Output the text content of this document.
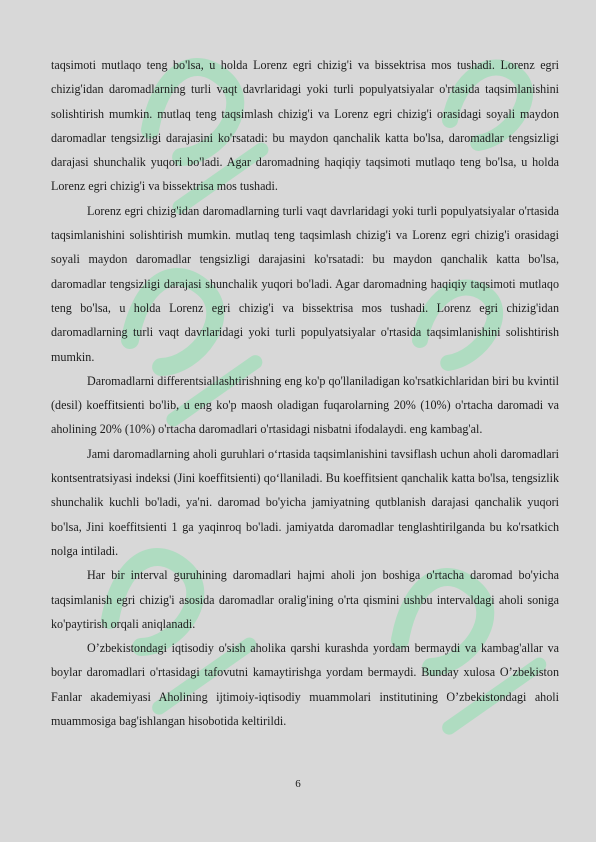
taqsimoti mutlaqo teng bo'lsa, u holda Lorenz egri chizig'i va bissektrisa mos tushadi. Lorenz egri chizig'idan daromadlarning turli vaqt davrlaridagi yoki turli populyatsiyalar o'rtasida taqsimlanishini solishtirish mumkin. mutlaq teng taqsimlash chizig'i va Lorenz egri chizig'i orasidagi soyali maydon daromadlar tengsizligi darajasini ko'rsatadi: bu maydon qanchalik katta bo'lsa, daromadlar tengsizligi darajasi shunchalik yuqori bo'ladi. Agar daromadning haqiqiy taqsimoti mutlaqo teng bo'lsa, u holda Lorenz egri chizig'i va bissektrisa mos tushadi.

Lorenz egri chizig'idan daromadlarning turli vaqt davrlaridagi yoki turli populyatsiyalar o'rtasida taqsimlanishini solishtirish mumkin. mutlaq teng taqsimlash chizig'i va Lorenz egri chizig'i orasidagi soyali maydon daromadlar tengsizligi darajasini ko'rsatadi: bu maydon qanchalik katta bo'lsa, daromadlar tengsizligi darajasi shunchalik yuqori bo'ladi. Agar daromadning haqiqiy taqsimoti mutlaqo teng bo'lsa, u holda Lorenz egri chizig'i va bissektrisa mos tushadi. Lorenz egri chizig'idan daromadlarning turli vaqt davrlaridagi yoki turli populyatsiyalar o'rtasida taqsimlanishini solishtirish mumkin.

Daromadlarni differentsiallashtirishning eng ko'p qo'llaniladigan ko'rsatkichlaridan biri bu kvintil (desil) koeffitsienti bo'lib, u eng ko'p maosh oladigan fuqarolarning 20% (10%) o'rtacha daromadi va aholining 20% (10%) o'rtacha daromadlari o'rtasidagi nisbatni ifodalaydi. eng kambag'al.

Jami daromadlarning aholi guruhlari o‘rtasida taqsimlanishini tavsiflash uchun aholi daromadlari kontsentratsiyasi indeksi (Jini koeffitsienti) qo‘llaniladi. Bu koeffitsient qanchalik katta bo'lsa, tengsizlik shunchalik kuchli bo'ladi, ya'ni. daromad bo'yicha jamiyatning qutblanish darajasi qanchalik yuqori bo'lsa, Jini koeffitsienti 1 ga yaqinroq bo'ladi. jamiyatda daromadlar tenglashtirilganda bu ko'rsatkich nolga intiladi.

Har bir interval guruhining daromadlari hajmi aholi jon boshiga o'rtacha daromad bo'yicha taqsimlanish egri chizig'i asosida daromadlar oralig'ining o'rta qismini ushbu intervaldagi aholi soniga ko'paytirish orqali aniqlanadi.

O’zbekistondagi iqtisodiy o'sish aholika qarshi kurashda yordam bermaydi va kambag'allar va boylar daromadlari o'rtasidagi tafovutni kamaytirishga yordam bermaydi. Bunday xulosa O’zbekiston Fanlar akademiyasi Aholining ijtimoiy-iqtisodiy muammolari institutining O’zbekistondagi aholi muammosiga bag'ishlangan hisobotida keltirildi.

6
